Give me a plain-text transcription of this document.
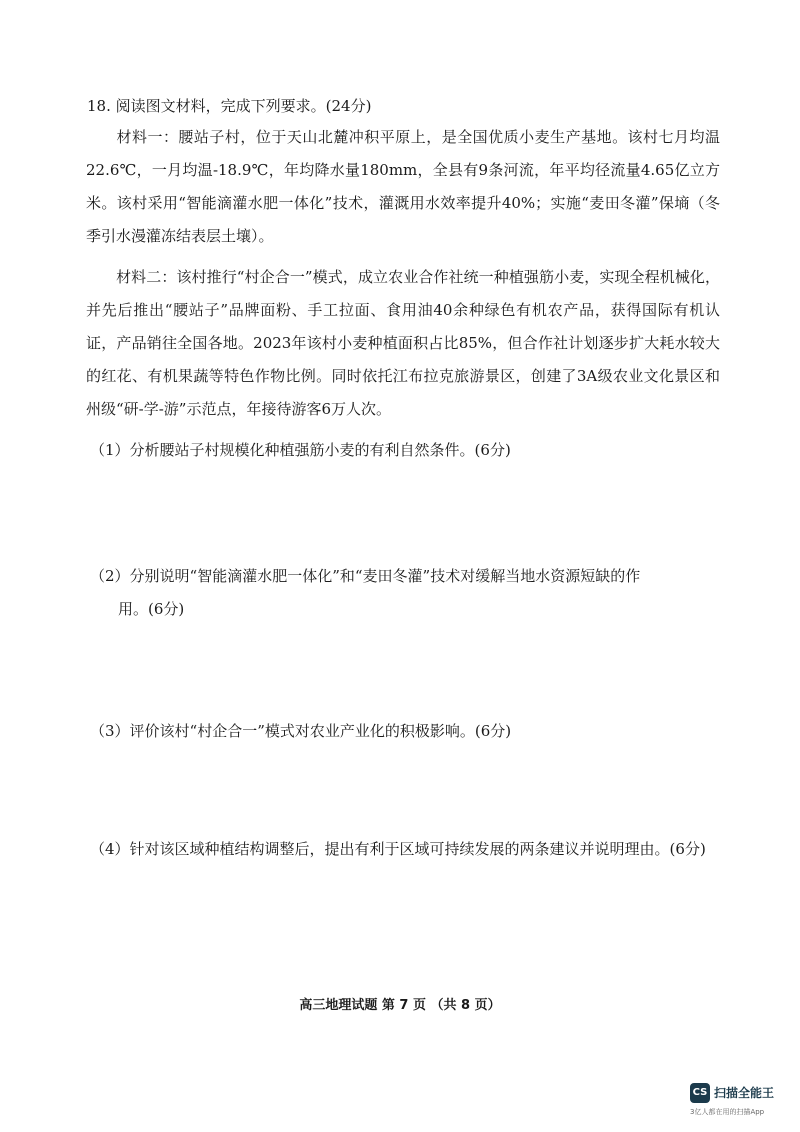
18. 阅读图文材料，完成下列要求。(24分)
材料一：腰站子村，位于天山北麓冲积平原上，是全国优质小麦生产基地。该村七月均温22.6℃，一月均温-18.9℃，年均降水量180mm，全县有9条河流，年平均径流量4.65亿立方米。该村采用“智能滴灌水肥一体化”技术，灌溉用水效率提升40%；实施“麦田冬灌”保墒（冬季引水漫灌冻结表层土壤）。
材料二：该村推行“村企合一”模式，成立农业合作社统一种植强筋小麦，实现全程机械化，并先后推出“腰站子”品牌面粉、手工拉面、食用油40余种绿色有机农产品，获得国际有机认证，产品销往全国各地。2023年该村小麦种植面积占比85%，但合作社计划逐步扩大耗水较大的红花、有机果蔬等特色作物比例。同时依托江布拉克旅游景区，创建了3A级农业文化景区和州级“研-学-游”示范点，年接待游客6万人次。
（1）分析腰站子村规模化种植强筋小麦的有利自然条件。(6分)
（2）分别说明“智能滴灌水肥一体化”和“麦田冬灌”技术对缓解当地水资源短缺的作
用。(6分)
（3）评价该村“村企合一”模式对农业产业化的积极影响。(6分)
（4）针对该区域种植结构调整后，提出有利于区域可持续发展的两条建议并说明理由。(6分)
高三地理试题 第 7 页 （共 8 页）
CS 扫描全能王
3亿人都在用的扫描App
